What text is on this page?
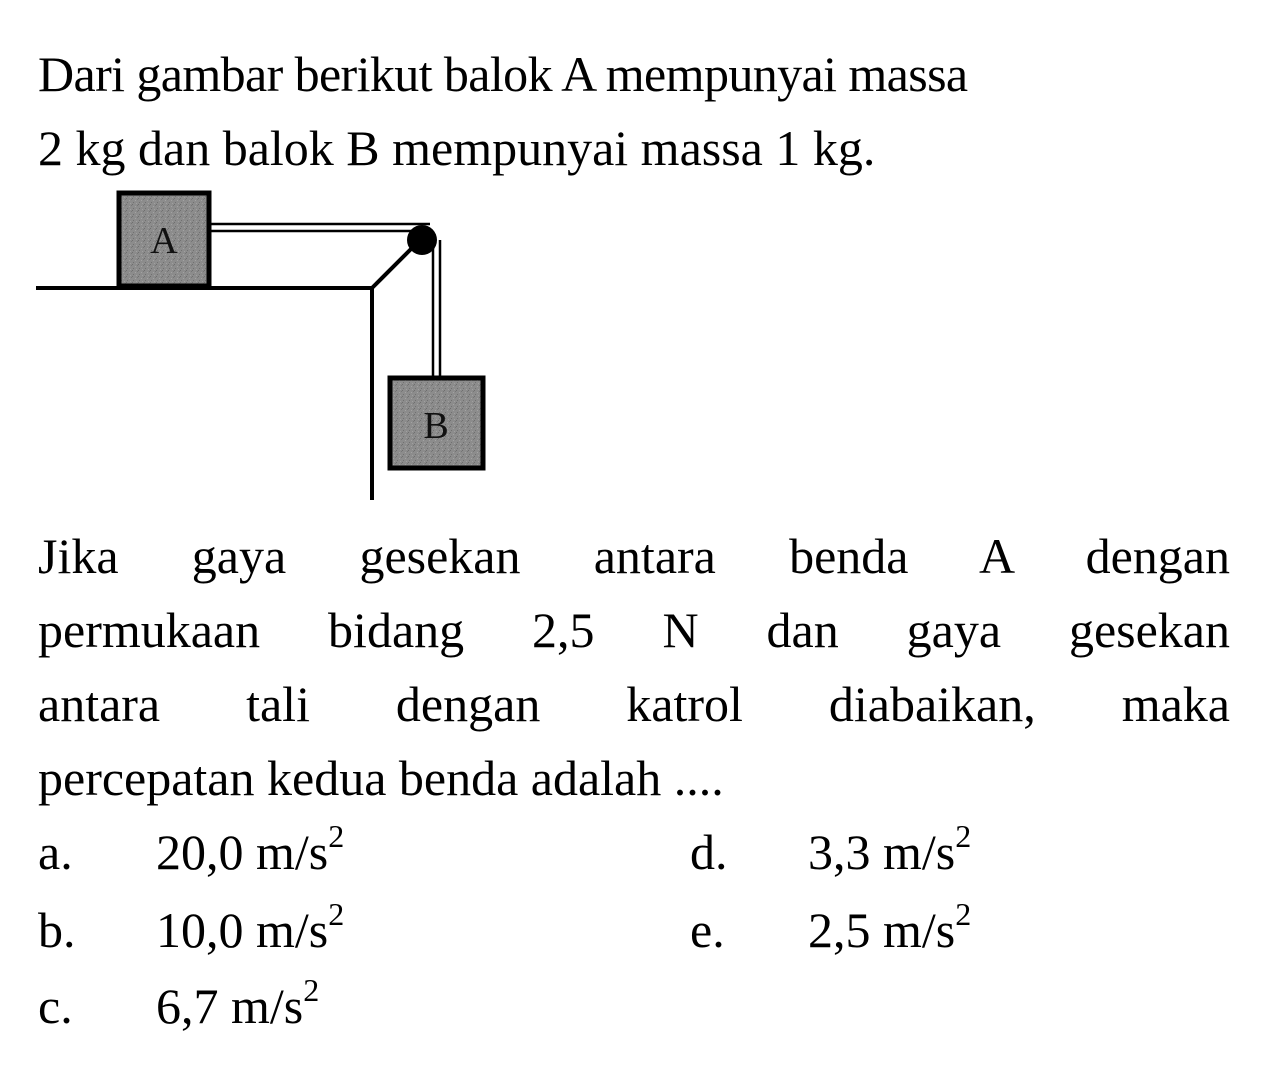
Dari gambar berikut balok A mempunyai massa
2 kg dan balok B mempunyai massa 1 kg.
A
B
Jika gaya gesekan antara benda A dengan
permukaan bidang 2,5 N dan gaya gesekan
antara tali dengan katrol diabaikan, maka
percepatan kedua benda adalah ....
a. 20,0 $m/s^2$
b. 10,0 $m/s^2$
c. 6,7 $m/s^2$
d. 3,3 $m/s^2$
e. 2,5 $m/s^2$
